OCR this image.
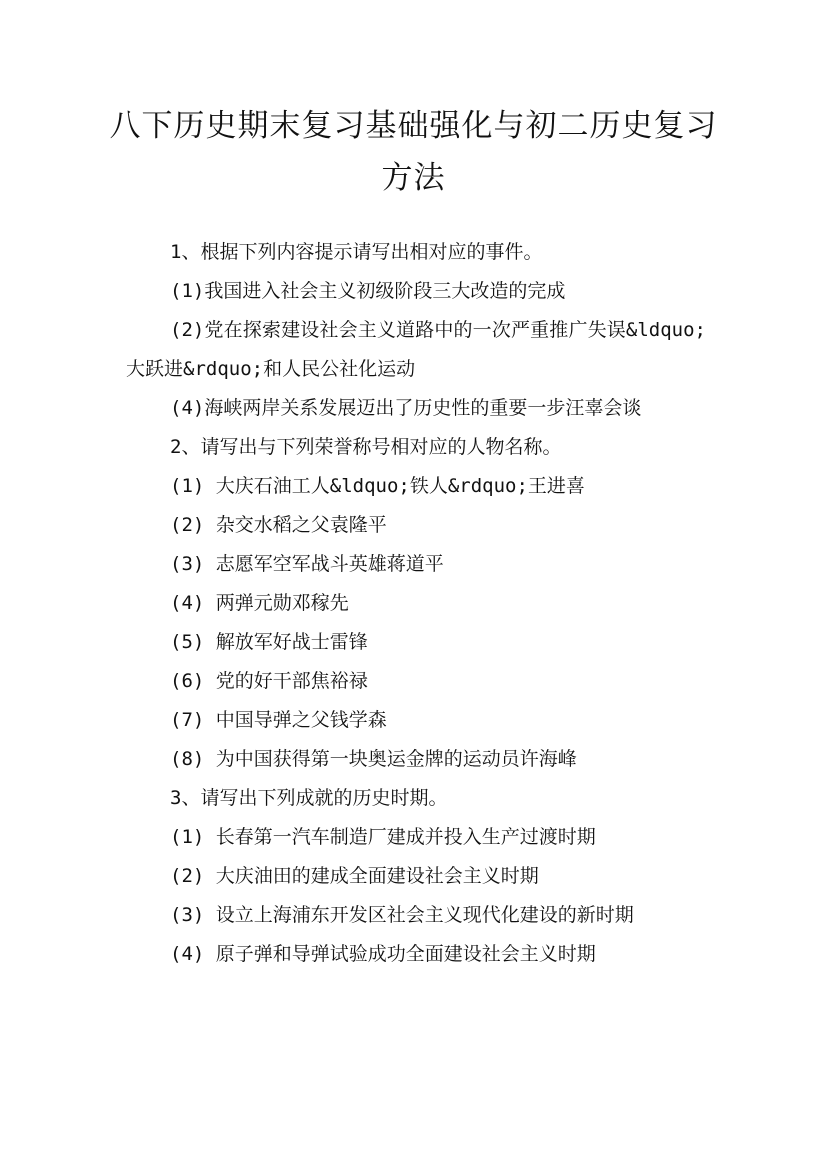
八下历史期末复习基础强化与初二历史复习方法

1、根据下列内容提示请写出相对应的事件。

(1)我国进入社会主义初级阶段三大改造的完成

(2)党在探索建设社会主义道路中的一次严重推广失误&ldquo;大跃进&rdquo;和人民公社化运动

(4)海峡两岸关系发展迈出了历史性的重要一步汪辜会谈

2、请写出与下列荣誉称号相对应的人物名称。

(1) 大庆石油工人&ldquo;铁人&rdquo;王进喜

(2) 杂交水稻之父袁隆平

(3) 志愿军空军战斗英雄蒋道平

(4) 两弹元勋邓稼先

(5) 解放军好战士雷锋

(6) 党的好干部焦裕禄

(7) 中国导弹之父钱学森

(8) 为中国获得第一块奥运金牌的运动员许海峰

3、请写出下列成就的历史时期。

(1) 长春第一汽车制造厂建成并投入生产过渡时期

(2) 大庆油田的建成全面建设社会主义时期

(3) 设立上海浦东开发区社会主义现代化建设的新时期

(4) 原子弹和导弹试验成功全面建设社会主义时期
